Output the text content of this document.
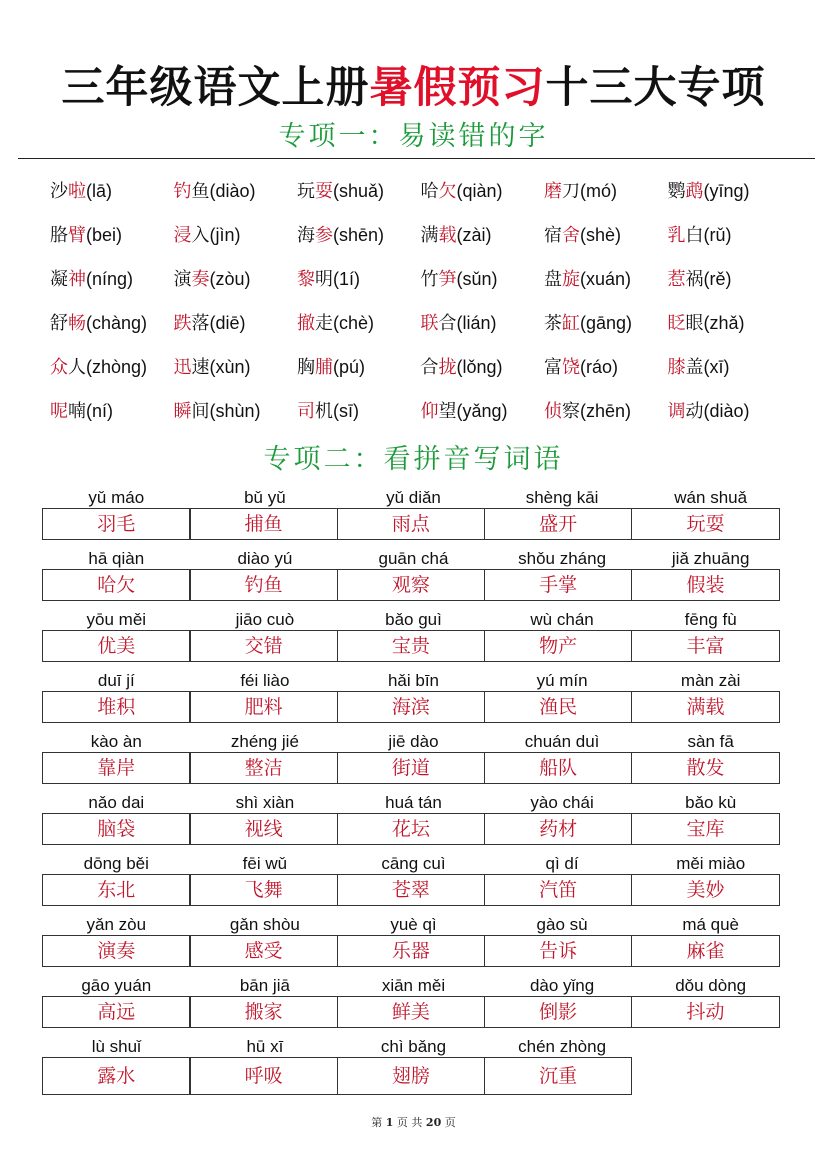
三年级语文上册暑假预习十三大专项
专项一：易读错的字
沙啦(lā)	钓鱼(diào)	玩耍(shuǎ)	哈欠(qiàn)	磨刀(mó)	鹦鹉(yīng)
胳臂(bei)	浸入(jìn)	海参(shēn)	满载(zài)	宿舍(shè)	乳白(rǔ)
凝神(níng)	演奏(zòu)	黎明(1í)	竹笋(sǔn)	盘旋(xuán)	惹祸(rě)
舒畅(chàng)	跌落(diē)	撤走(chè)	联合(lián)	茶缸(gāng)	眨眼(zhǎ)
众人(zhòng)	迅速(xùn)	胸脯(pú)	合拢(lǒng)	富饶(ráo)	膝盖(xī)
呢喃(ní)	瞬间(shùn)	司机(sī)	仰望(yǎng)	侦察(zhēn)	调动(diào)
专项二：看拼音写词语
yǔ máo	bǔ yǔ	yǔ diǎn	shèng kāi	wán shuǎ
羽毛	捕鱼	雨点	盛开	玩耍
hā qiàn	diào yú	guān chá	shǒu zháng	jiǎ zhuāng
哈欠	钓鱼	观察	手掌	假装
yōu měi	jiāo cuò	bǎo guì	wù chán	fēng fù
优美	交错	宝贵	物产	丰富
duī jí	féi liào	hǎi bīn	yú mín	màn zài
堆积	肥料	海滨	渔民	满载
kào àn	zhéng jié	jiē dào	chuán duì	sàn fā
靠岸	整洁	街道	船队	散发
nǎo dai	shì xiàn	huá tán	yào chái	bǎo kù
脑袋	视线	花坛	药材	宝库
dōng běi	fēi wǔ	cāng cuì	qì dí	měi miào
东北	飞舞	苍翠	汽笛	美妙
yǎn zòu	gǎn shòu	yuè qì	gào sù	má què
演奏	感受	乐器	告诉	麻雀
gāo yuán	bān jiā	xiān měi	dào yǐng	dǒu dòng
高远	搬家	鲜美	倒影	抖动
lù shuǐ	hū xī	chì bǎng	chén zhòng
露水	呼吸	翅膀	沉重
第 1 页 共 20 页
